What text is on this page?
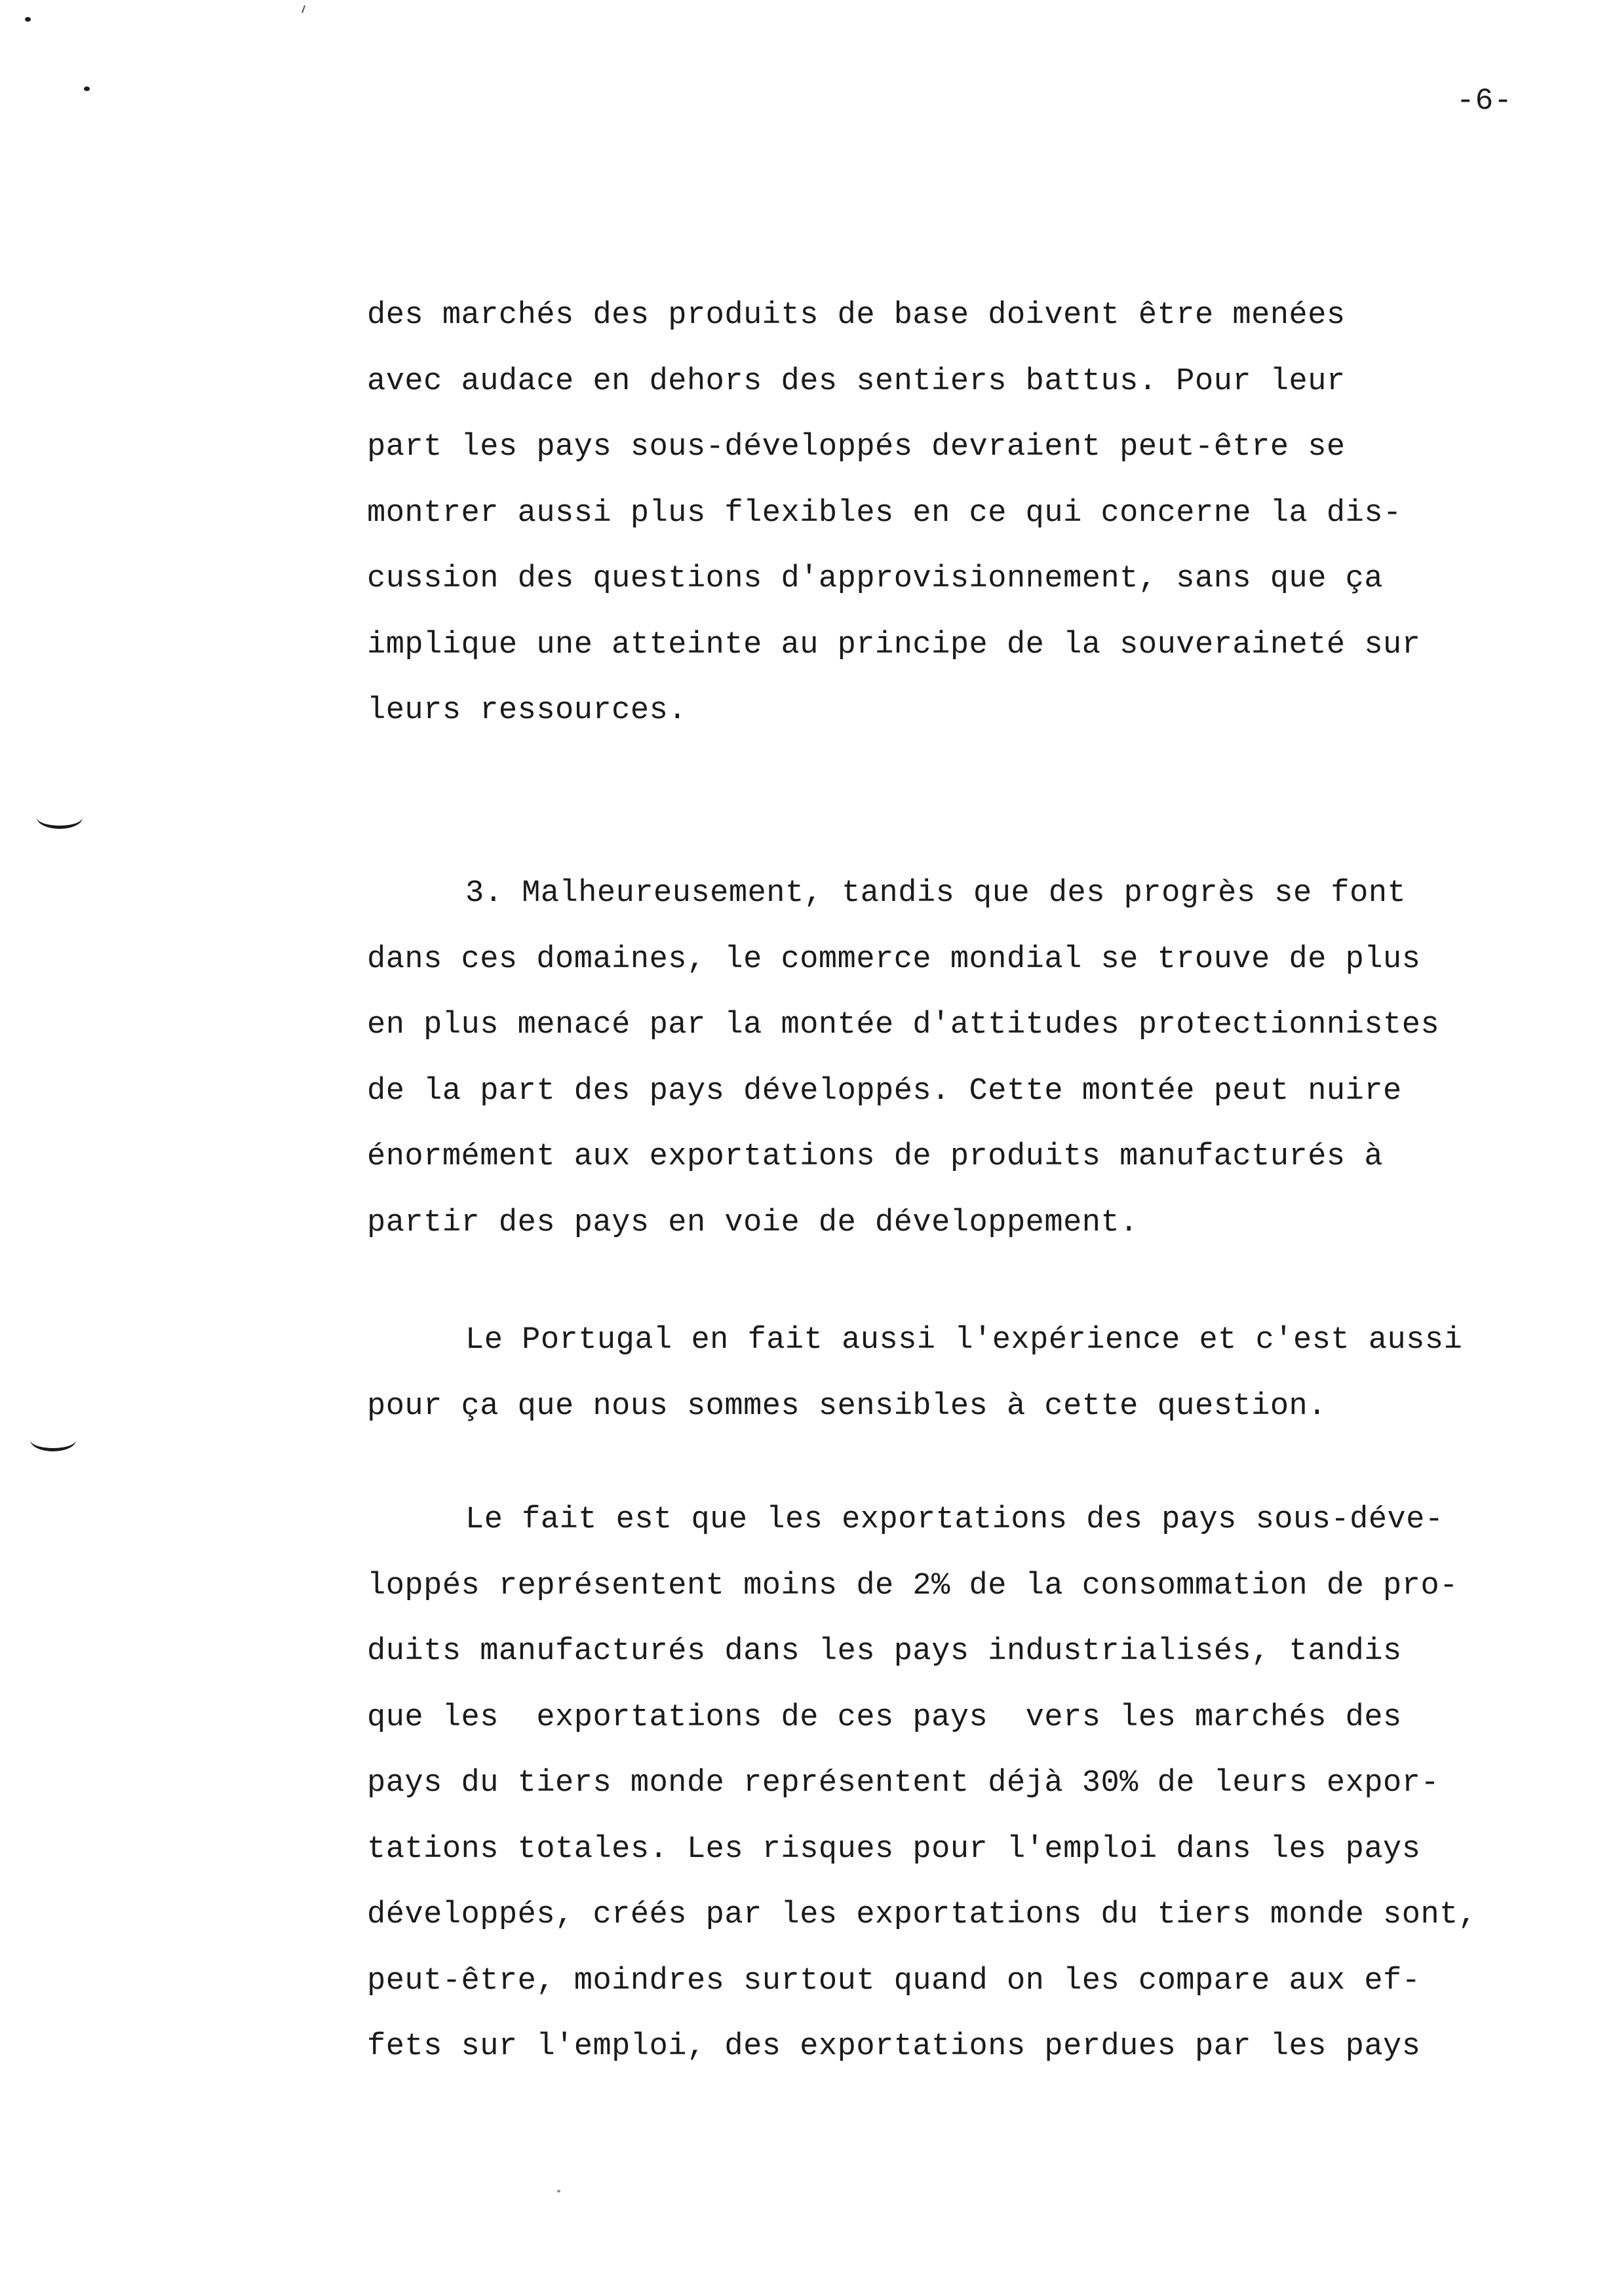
-6-
des marchés des produits de base doivent être menées
avec audace en dehors des sentiers battus. Pour leur
part les pays sous-développés devraient peut-être se
montrer aussi plus flexibles en ce qui concerne la dis-
cussion des questions d'approvisionnement, sans que ça
implique une atteinte au principe de la souveraineté sur
leurs ressources.
3. Malheureusement, tandis que des progrès se font
dans ces domaines, le commerce mondial se trouve de plus
en plus menacé par la montée d'attitudes protectionnistes
de la part des pays développés. Cette montée peut nuire
énormément aux exportations de produits manufacturés à
partir des pays en voie de développement.
Le Portugal en fait aussi l'expérience et c'est aussi
pour ça que nous sommes sensibles à cette question.
Le fait est que les exportations des pays sous-déve-
loppés représentent moins de 2% de la consommation de pro-
duits manufacturés dans les pays industrialisés, tandis
que les  exportations de ces pays  vers les marchés des
pays du tiers monde représentent déjà 30% de leurs expor-
tations totales. Les risques pour l'emploi dans les pays
développés, créés par les exportations du tiers monde sont,
peut-être, moindres surtout quand on les compare aux ef-
fets sur l'emploi, des exportations perdues par les pays
